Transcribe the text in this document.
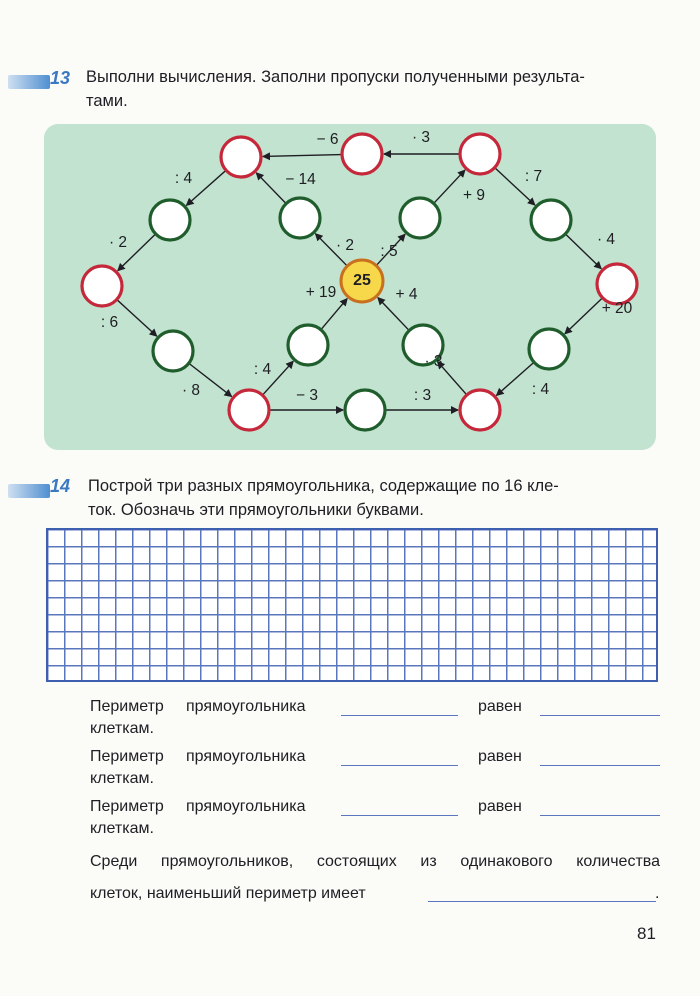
13 Выполни вычисления. Заполни пропуски полученными результа-
тами.
25
− 6	· 3
: 4	− 14
+ 9
: 7
· 2	· 2 : 5
· 4
: 6
+ 19	+ 4
+ 20
· 8
: 4
− 3	: 3
· 3
: 4
14 Построй три разных прямоугольника, содержащие по 16 кле-
ток. Обозначь эти прямоугольники буквами.
Периметр прямоугольника	равен
клеткам.
Периметр прямоугольника	равен
клеткам.
Периметр прямоугольника	равен
клеткам.
Среди прямоугольников, состоящих из одинакового количества
клеток, наименьший периметр имеет	.
81
